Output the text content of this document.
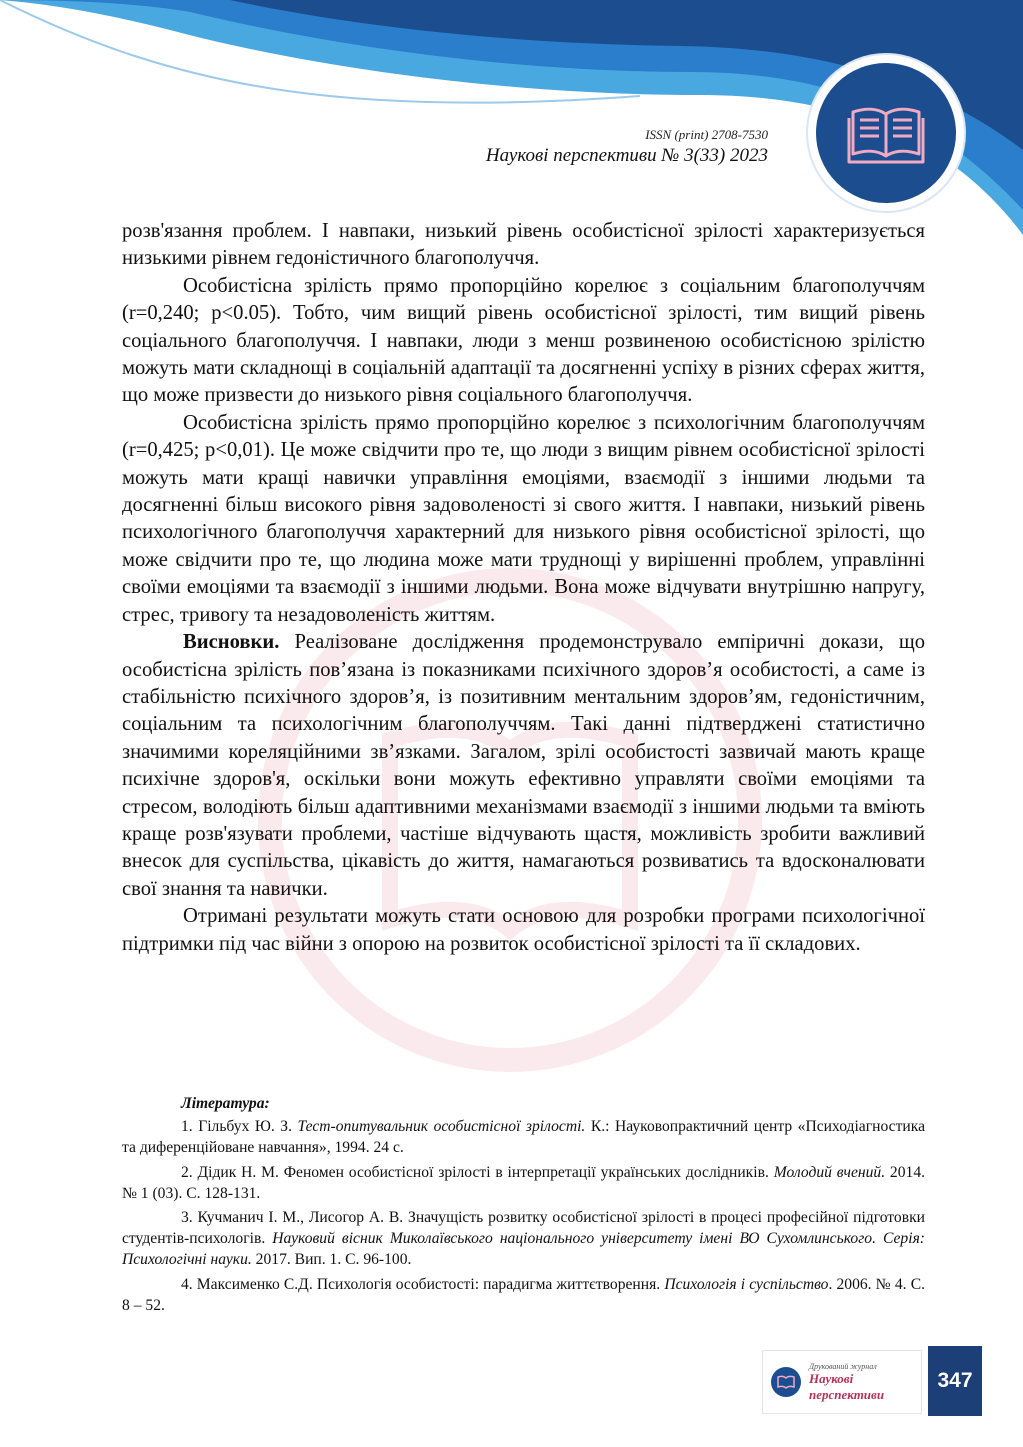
ISSN (print) 2708-7530
Наукові перспективи № 3(33) 2023

розв'язання проблем. І навпаки, низький рівень особистісної зрілості характеризується низькими рівнем гедоністичного благополуччя.

Особистісна зрілість прямо пропорційно корелює з соціальним благополуччям (r=0,240; p<0.05). Тобто, чим вищий рівень особистісної зрілості, тим вищий рівень соціального благополуччя. І навпаки, люди з менш розвиненою особистісною зрілістю можуть мати складнощі в соціальній адаптації та досягненні успіху в різних сферах життя, що може призвести до низького рівня соціального благополуччя.

Особистісна зрілість прямо пропорційно корелює з психологічним благополуччям (r=0,425; p<0,01). Це може свідчити про те, що люди з вищим рівнем особистісної зрілості можуть мати кращі навички управління емоціями, взаємодії з іншими людьми та досягненні більш високого рівня задоволеності зі свого життя. І навпаки, низький рівень психологічного благополуччя характерний для низького рівня особистісної зрілості, що може свідчити про те, що людина може мати труднощі у вирішенні проблем, управлінні своїми емоціями та взаємодії з іншими людьми. Вона може відчувати внутрішню напругу, стрес, тривогу та незадоволеність життям.

Висновки. Реалізоване дослідження продемонструвало емпіричні докази, що особистісна зрілість пов’язана із показниками психічного здоров’я особистості, а саме із стабільністю психічного здоров’я, із позитивним ментальним здоров’ям, гедоністичним, соціальним та психологічним благополуччям. Такі данні підтверджені статистично значимими кореляційними зв’язками. Загалом, зрілі особистості зазвичай мають краще психічне здоров'я, оскільки вони можуть ефективно управляти своїми емоціями та стресом, володіють більш адаптивними механізмами взаємодії з іншими людьми та вміють краще розв'язувати проблеми, частіше відчувають щастя, можливість зробити важливий внесок для суспільства, цікавість до життя, намагаються розвиватись та вдосконалювати свої знання та навички.

Отримані результати можуть стати основою для розробки програми психологічної підтримки під час війни з опорою на розвиток особистісної зрілості та її складових.

Література:

1. Гільбух Ю. З. Тест-опитувальник особистісної зрілості. К.: Науковопрактичний центр «Психодіагностика та диференційоване навчання», 1994. 24 с.

2. Дідик Н. М. Феномен особистісної зрілості в інтерпретації українських дослідників. Молодий вчений. 2014. № 1 (03). С. 128-131.

3. Кучманич І. М., Лисогор А. В. Значущість розвитку особистісної зрілості в процесі професійної підготовки студентів-психологів. Науковий вісник Миколаївського національного університету імені ВО Сухомлинського. Серія: Психологічні науки. 2017. Вип. 1. С. 96-100.

4. Максименко С.Д. Психологія особистості: парадигма життєтворення. Психологія і суспільство. 2006. № 4. С. 8 – 52.

Друкований журнал
Наукові перспективи
347
